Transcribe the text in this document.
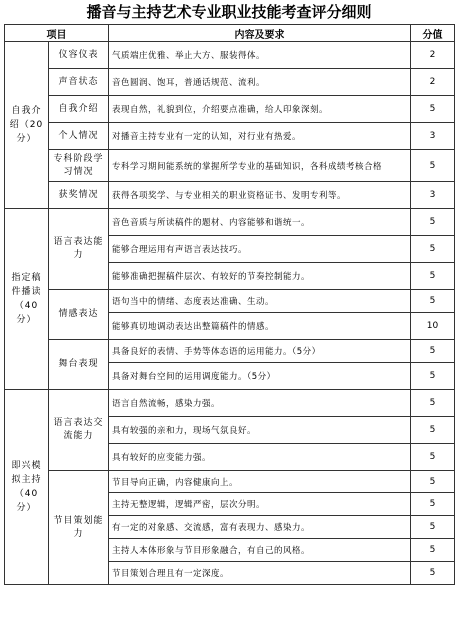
播音与主持艺术专业职业技能考查评分细则
项目		内容及要求	分值
自我介绍（20分）	仪容仪表	气质端庄优雅、举止大方、服装得体。	2
	声音状态	音色圆润、饱耳，普通话规范、流利。	2
	自我介绍	表现自然，礼貌到位，介绍要点准确，给人印象深刻。	5
	个人情况	对播音主持专业有一定的认知，对行业有热爱。	3
	专科阶段学习情况	专科学习期间能系统的掌握所学专业的基础知识，各科成绩考核合格	5
	获奖情况	获得各项奖学、与专业相关的职业资格证书、发明专利等。	3
指定稿件播读（40分）	语言表达能力	音色音质与所读稿件的题材、内容能够和谐统一。	5
		能够合理运用有声语言表达技巧。	5
		能够准确把握稿件层次、有较好的节奏控制能力。	5
	情感表达	语句当中的情绪、态度表达准确、生动。	5
		能够真切地调动表达出整篇稿件的情感。	10
	舞台表现	具备良好的表情、手势等体态语的运用能力。（5分）	5
		具备对舞台空间的运用调度能力。（5分）	5
即兴模拟主持（40分）	语言表达交流能力	语言自然流畅，感染力强。	5
		具有较强的亲和力，现场气氛良好。	5
		具有较好的应变能力强。	5
	节目策划能力	节目导向正确，内容健康向上。	5
		主持无整逻辑，逻辑严密，层次分明。	5
		有一定的对象感、交流感，富有表现力、感染力。	5
		主持人本体形象与节目形象融合，有自己的风格。	5
		节目策划合理且有一定深度。	5
